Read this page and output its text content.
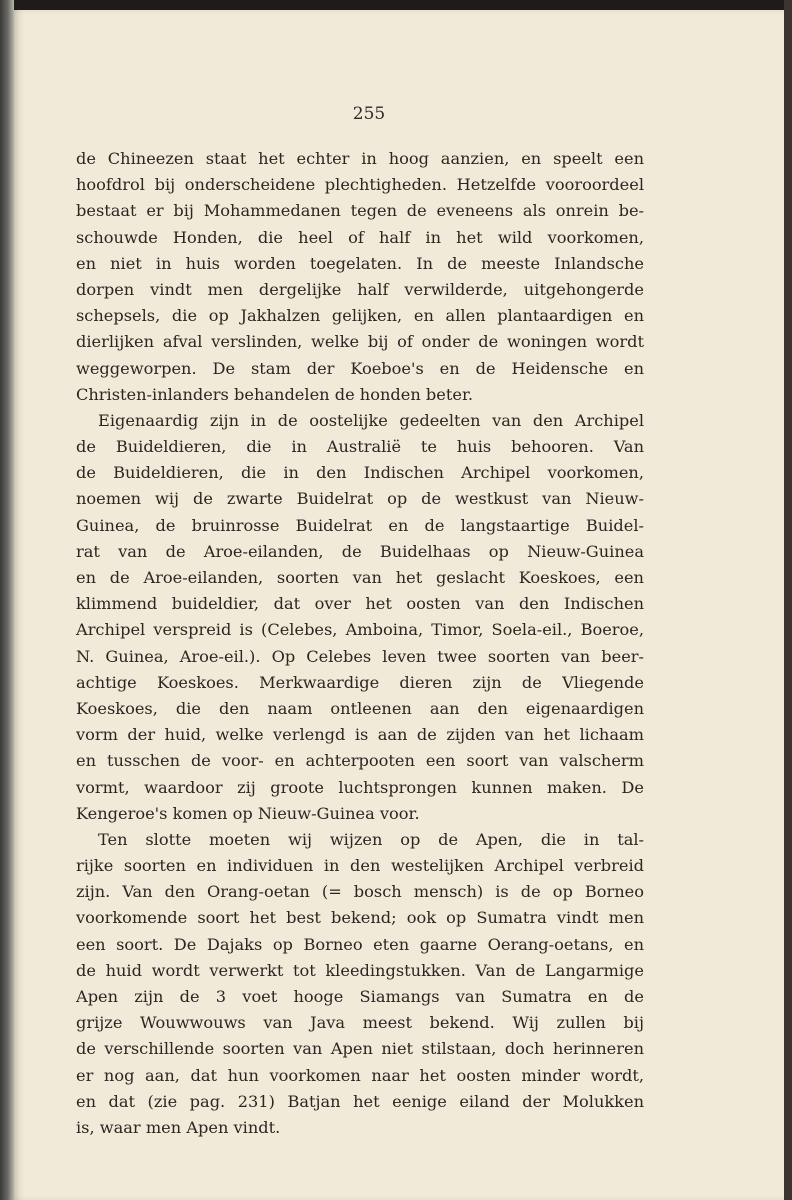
255
de Chineezen staat het echter in hoog aanzien, en speelt een
hoofdrol bij onderscheidene plechtigheden. Hetzelfde vooroordeel
bestaat er bij Mohammedanen tegen de eveneens als onrein be-
schouwde Honden, die heel of half in het wild voorkomen,
en niet in huis worden toegelaten. In de meeste Inlandsche
dorpen vindt men dergelijke half verwilderde, uitgehongerde
schepsels, die op Jakhalzen gelijken, en allen plantaardigen en
dierlijken afval verslinden, welke bij of onder de woningen wordt
weggeworpen. De stam der Koeboe's en de Heidensche en
Christen-inlanders behandelen de honden beter.
Eigenaardig zijn in de oostelijke gedeelten van den Archipel
de Buideldieren, die in Australië te huis behooren. Van
de Buideldieren, die in den Indischen Archipel voorkomen,
noemen wij de zwarte Buidelrat op de westkust van Nieuw-
Guinea, de bruinrosse Buidelrat en de langstaartige Buidel-
rat van de Aroe-eilanden, de Buidelhaas op Nieuw-Guinea
en de Aroe-eilanden, soorten van het geslacht Koeskoes, een
klimmend buideldier, dat over het oosten van den Indischen
Archipel verspreid is (Celebes, Amboina, Timor, Soela-eil., Boeroe,
N. Guinea, Aroe-eil.). Op Celebes leven twee soorten van beer-
achtige Koeskoes. Merkwaardige dieren zijn de Vliegende
Koeskoes, die den naam ontleenen aan den eigenaardigen
vorm der huid, welke verlengd is aan de zijden van het lichaam
en tusschen de voor- en achterpooten een soort van valscherm
vormt, waardoor zij groote luchtsprongen kunnen maken. De
Kengeroe's komen op Nieuw-Guinea voor.
Ten slotte moeten wij wijzen op de Apen, die in tal-
rijke soorten en individuen in den westelijken Archipel verbreid
zijn. Van den Orang-oetan (= bosch mensch) is de op Borneo
voorkomende soort het best bekend; ook op Sumatra vindt men
een soort. De Dajaks op Borneo eten gaarne Oerang-oetans, en
de huid wordt verwerkt tot kleedingstukken. Van de Langarmige
Apen zijn de 3 voet hooge Siamangs van Sumatra en de
grijze Wouwwouws van Java meest bekend. Wij zullen bij
de verschillende soorten van Apen niet stilstaan, doch herinneren
er nog aan, dat hun voorkomen naar het oosten minder wordt,
en dat (zie pag. 231) Batjan het eenige eiland der Molukken
is, waar men Apen vindt.
